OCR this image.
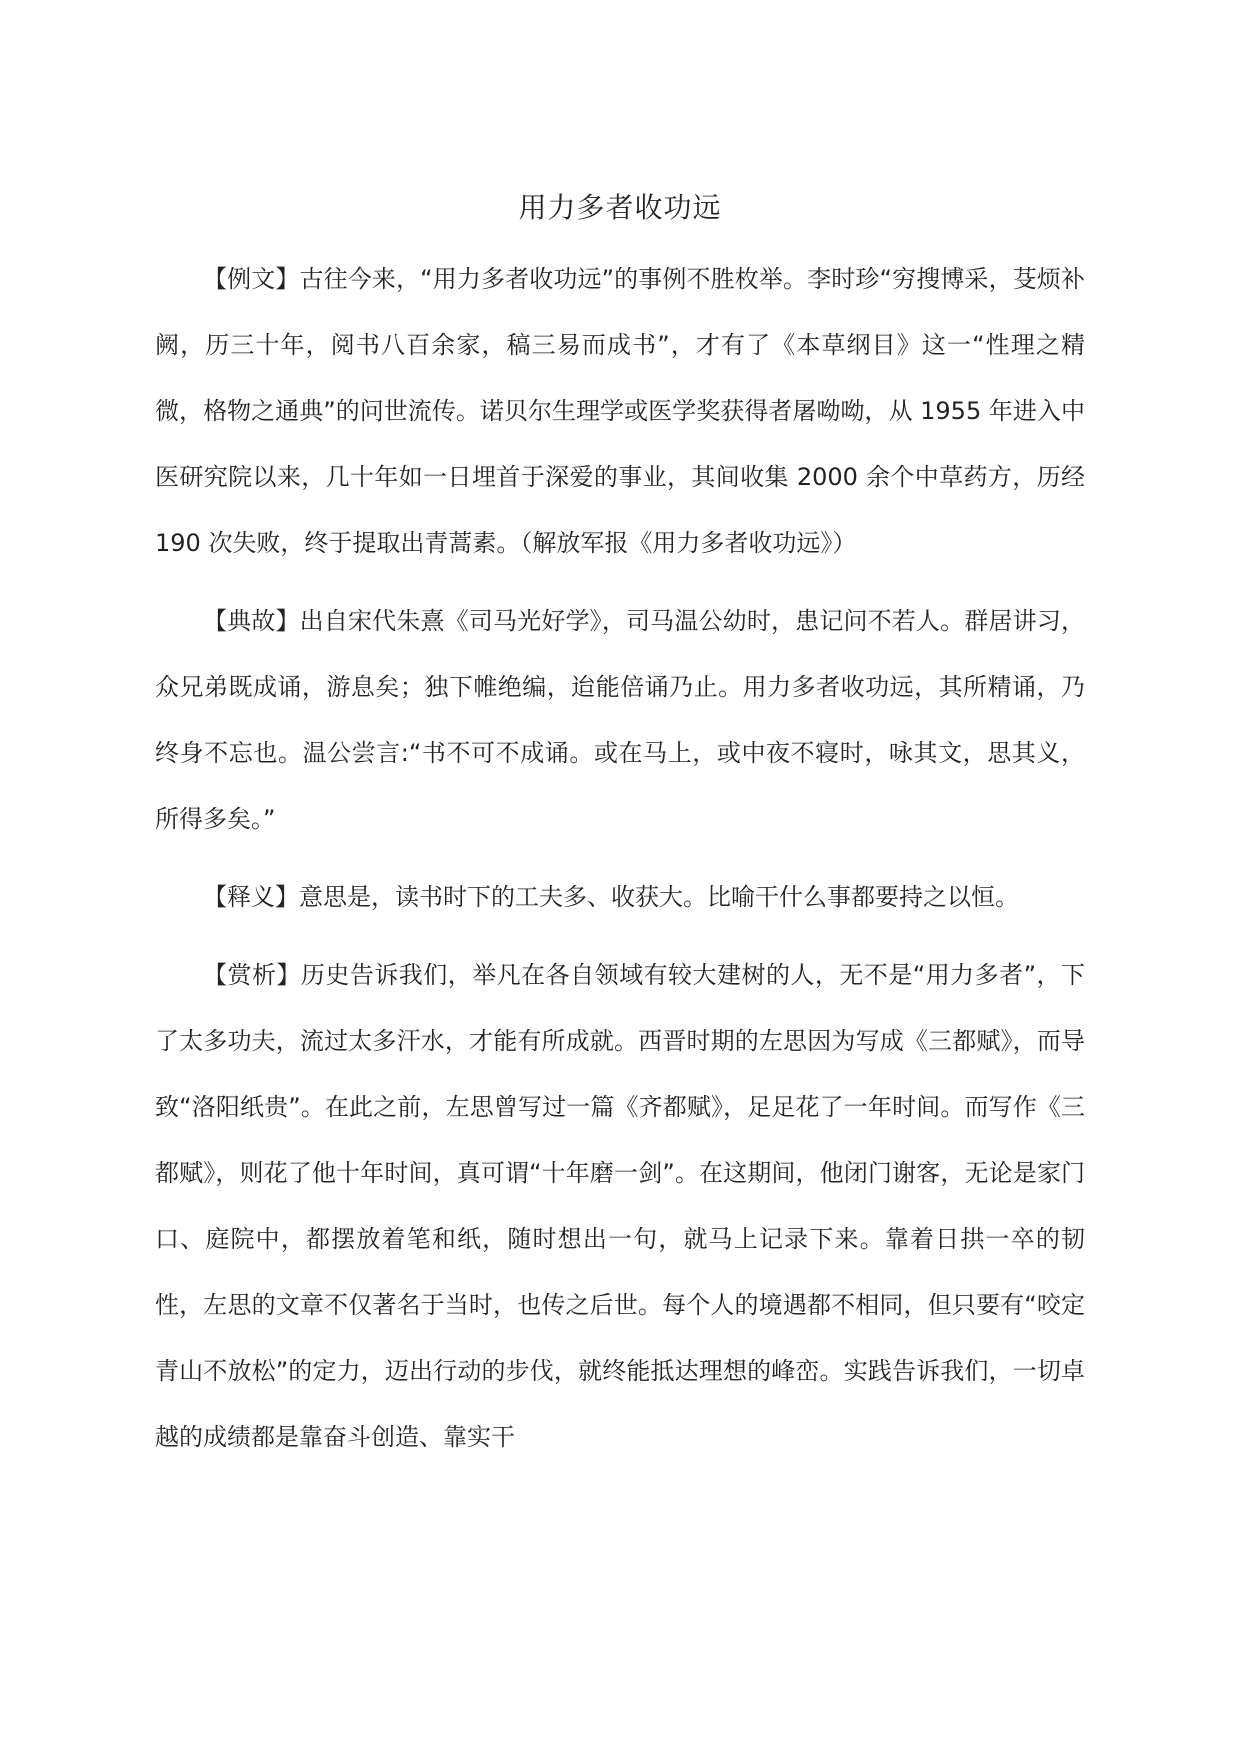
用力多者收功远

【例文】古往今来，“用力多者收功远”的事例不胜枚举。李时珍“穷搜博采，芟烦补阙，历三十年，阅书八百余家，稿三易而成书”，才有了《本草纲目》这一“性理之精微，格物之通典”的问世流传。诺贝尔生理学或医学奖获得者屠呦呦，从 1955 年进入中医研究院以来，几十年如一日埋首于深爱的事业，其间收集 2000 余个中草药方，历经 190 次失败，终于提取出青蒿素。（解放军报《用力多者收功远》）

【典故】出自宋代朱熹《司马光好学》，司马温公幼时，患记问不若人。群居讲习，众兄弟既成诵，游息矣；独下帷绝编，迨能倍诵乃止。用力多者收功远，其所精诵，乃终身不忘也。温公尝言:“书不可不成诵。或在马上，或中夜不寝时，咏其文，思其义，所得多矣。”

【释义】意思是，读书时下的工夫多、收获大。比喻干什么事都要持之以恒。

【赏析】历史告诉我们，举凡在各自领域有较大建树的人，无不是“用力多者”，下了太多功夫，流过太多汗水，才能有所成就。西晋时期的左思因为写成《三都赋》，而导致“洛阳纸贵”。在此之前，左思曾写过一篇《齐都赋》，足足花了一年时间。而写作《三都赋》，则花了他十年时间，真可谓“十年磨一剑”。在这期间，他闭门谢客，无论是家门口、庭院中，都摆放着笔和纸，随时想出一句，就马上记录下来。靠着日拱一卒的韧性，左思的文章不仅著名于当时，也传之后世。每个人的境遇都不相同，但只要有“咬定青山不放松”的定力，迈出行动的步伐，就终能抵达理想的峰峦。实践告诉我们，一切卓越的成绩都是靠奋斗创造、靠实干
